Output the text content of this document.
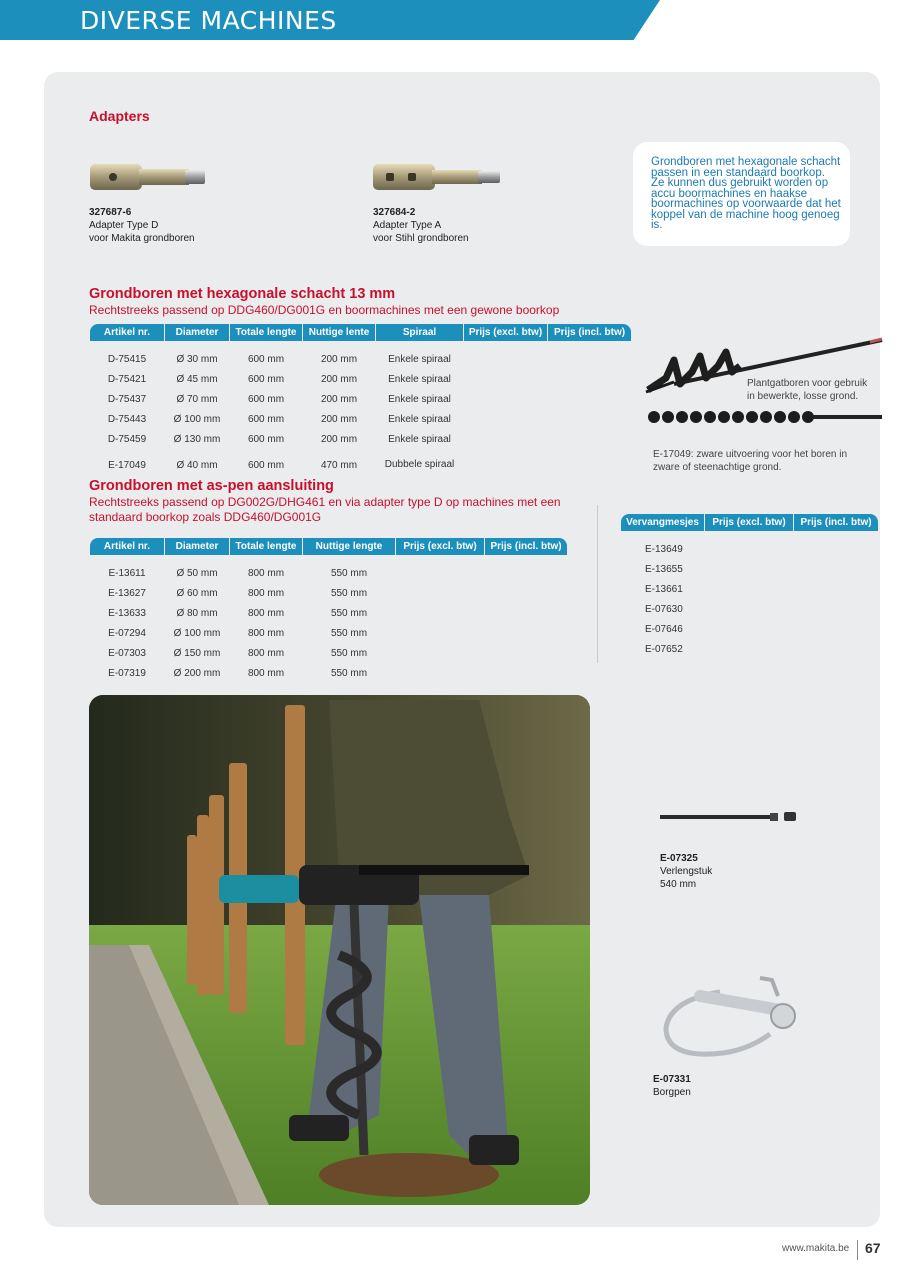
DIVERSE MACHINES
Adapters
327687-6
Adapter Type D
voor Makita grondboren
327684-2
Adapter Type A
voor Stihl grondboren
Grondboren met hexagonale schacht passen in een standaard boorkop. Ze kunnen dus gebruikt worden op accu boormachines en haakse boormachines op voorwaarde dat het koppel van de machine hoog genoeg is.
Grondboren met hexagonale schacht 13 mm
Rechtstreeks passend op DDG460/DG001G en boormachines met een gewone boorkop
Artikel nr.	Diameter	Totale lengte	Nuttige lente	Spiraal	Prijs (excl. btw)	Prijs (incl. btw)

D-75415	Ø 30 mm	600 mm	200 mm	Enkele spiraal		
D-75421	Ø 45 mm	600 mm	200 mm	Enkele spiraal		
D-75437	Ø 70 mm	600 mm	200 mm	Enkele spiraal		
D-75443	Ø 100 mm	600 mm	200 mm	Enkele spiraal		
D-75459	Ø 130 mm	600 mm	200 mm	Enkele spiraal		
E-17049	Ø 40 mm	600 mm	470 mm	Dubbele spiraal		
Plantgatboren voor gebruik in bewerkte, losse grond.
E-17049: zware uitvoering voor het boren in zware of steenachtige grond.
Grondboren met as-pen aansluiting
Rechtstreeks passend op DG002G/DHG461 en via adapter type D op machines met een
standaard boorkop zoals DDG460/DG001G
Artikel nr.	Diameter	Totale lengte	Nuttige lengte	Prijs (excl. btw)	Prijs (incl. btw)

E-13611	Ø 50 mm	800 mm	550 mm		
E-13627	Ø 60 mm	800 mm	550 mm		
E-13633	Ø 80 mm	800 mm	550 mm		
E-07294	Ø 100 mm	800 mm	550 mm		
E-07303	Ø 150 mm	800 mm	550 mm		
E-07319	Ø 200 mm	800 mm	550 mm		
Vervangmesjes	Prijs (excl. btw)	Prijs (incl. btw)

E-13649		
E-13655		
E-13661		
E-07630		
E-07646		
E-07652		
E-07325
Verlengstuk
540 mm
E-07331
Borgpen
www.makita.be 67
